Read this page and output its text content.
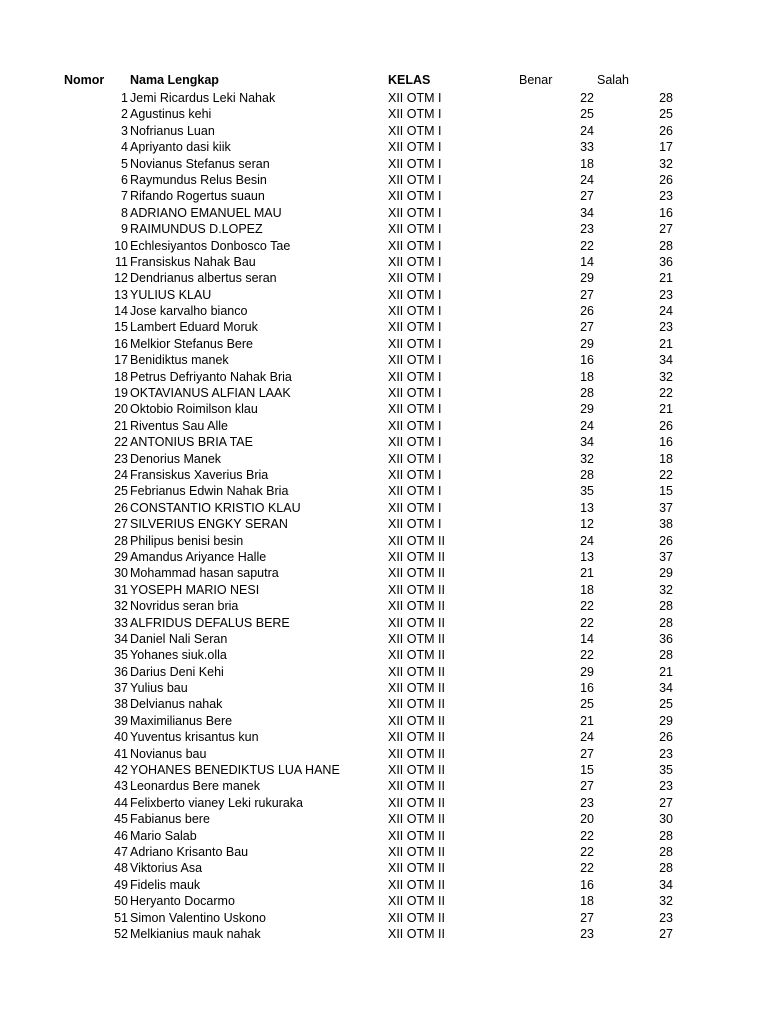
Nomor Nama Lengkap	KELAS	Benar	Salah
1 Jemi Ricardus Leki Nahak	XII OTM I	22	28
2 Agustinus kehi	XII OTM I	25	25
3 Nofrianus Luan	XII OTM I	24	26
4 Apriyanto dasi kiik	XII OTM I	33	17
5 Novianus Stefanus seran	XII OTM I	18	32
6 Raymundus Relus Besin	XII OTM I	24	26
7 Rifando Rogertus suaun	XII OTM I	27	23
8 ADRIANO EMANUEL MAU	XII OTM I	34	16
9 RAIMUNDUS D.LOPEZ	XII OTM I	23	27
10 Echlesiyantos Donbosco Tae	XII OTM I	22	28
11 Fransiskus Nahak Bau	XII OTM I	14	36
12 Dendrianus albertus seran	XII OTM I	29	21
13 YULIUS KLAU	XII OTM I	27	23
14 Jose karvalho bianco	XII OTM I	26	24
15 Lambert Eduard Moruk	XII OTM I	27	23
16 Melkior Stefanus Bere	XII OTM I	29	21
17 Benidiktus manek	XII OTM I	16	34
18 Petrus Defriyanto Nahak Bria	XII OTM I	18	32
19 OKTAVIANUS ALFIAN LAAK	XII OTM I	28	22
20 Oktobio Roimilson klau	XII OTM I	29	21
21 Riventus Sau Alle	XII OTM I	24	26
22 ANTONIUS BRIA TAE	XII OTM I	34	16
23 Denorius Manek	XII OTM I	32	18
24 Fransiskus Xaverius Bria	XII OTM I	28	22
25 Febrianus Edwin Nahak Bria	XII OTM I	35	15
26 CONSTANTIO KRISTIO KLAU	XII OTM I	13	37
27 SILVERIUS ENGKY SERAN	XII OTM I	12	38
28 Philipus benisi besin	XII OTM II	24	26
29 Amandus Ariyance Halle	XII OTM II	13	37
30 Mohammad hasan saputra	XII OTM II	21	29
31 YOSEPH MARIO NESI	XII OTM II	18	32
32 Novridus seran bria	XII OTM II	22	28
33 ALFRIDUS DEFALUS BERE	XII OTM II	22	28
34 Daniel Nali Seran	XII OTM II	14	36
35 Yohanes siuk.olla	XII OTM II	22	28
36 Darius Deni Kehi	XII OTM II	29	21
37 Yulius bau	XII OTM II	16	34
38 Delvianus nahak	XII OTM II	25	25
39 Maximilianus Bere	XII OTM II	21	29
40 Yuventus krisantus kun	XII OTM II	24	26
41 Novianus bau	XII OTM II	27	23
42 YOHANES BENEDIKTUS LUA HANE	XII OTM II	15	35
43 Leonardus Bere manek	XII OTM II	27	23
44 Felixberto vianey Leki rukuraka	XII OTM II	23	27
45 Fabianus bere	XII OTM II	20	30
46 Mario Salab	XII OTM II	22	28
47 Adriano Krisanto Bau	XII OTM II	22	28
48 Viktorius Asa	XII OTM II	22	28
49 Fidelis mauk	XII OTM II	16	34
50 Heryanto Docarmo	XII OTM II	18	32
51 Simon Valentino Uskono	XII OTM II	27	23
52 Melkianius mauk nahak	XII OTM II	23	27
